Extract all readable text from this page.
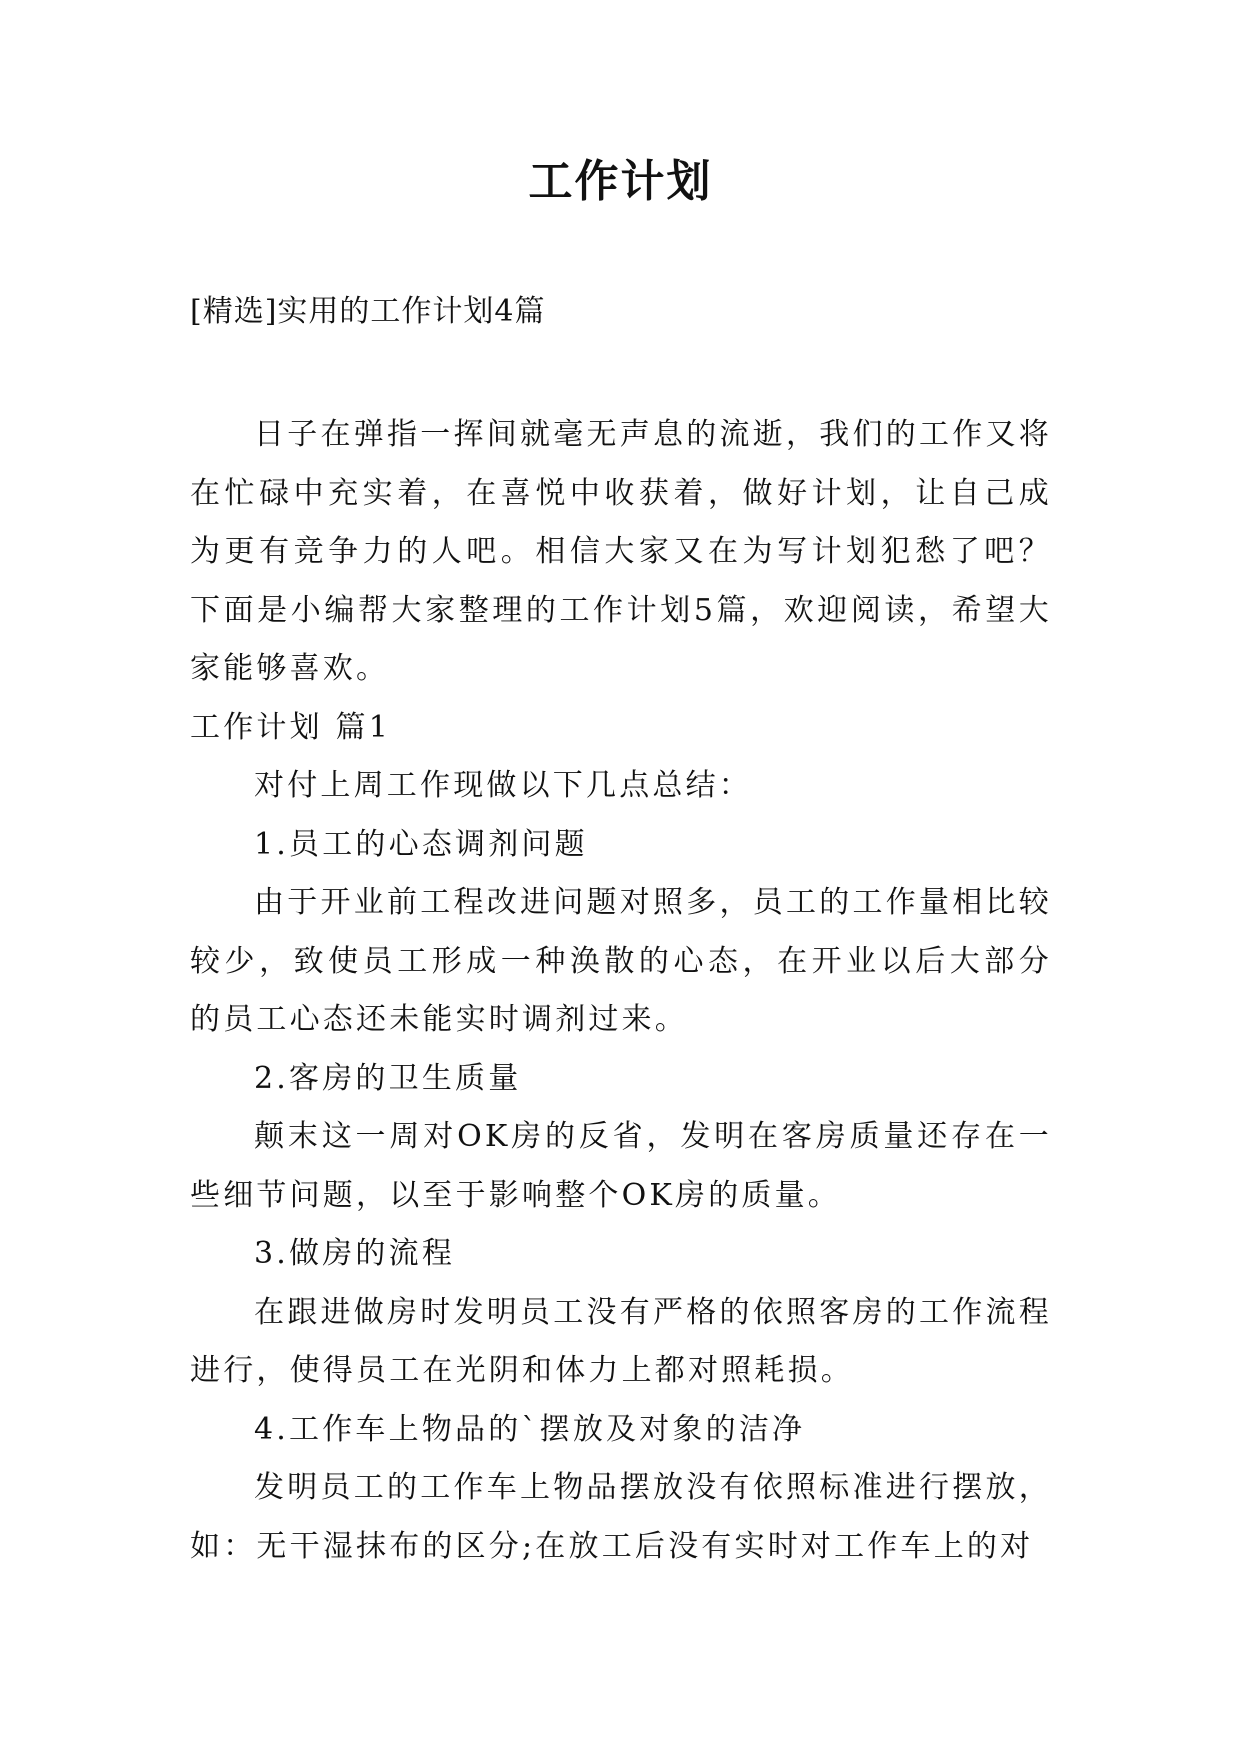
工作计划
[精选]实用的工作计划4篇

日子在弹指一挥间就毫无声息的流逝，我们的工作又将在忙碌中充实着，在喜悦中收获着，做好计划，让自己成为更有竞争力的人吧。相信大家又在为写计划犯愁了吧？下面是小编帮大家整理的工作计划5篇，欢迎阅读，希望大家能够喜欢。

工作计划 篇1

对付上周工作现做以下几点总结：

1.员工的心态调剂问题

由于开业前工程改进问题对照多，员工的工作量相比较较少，致使员工形成一种涣散的心态，在开业以后大部分的员工心态还未能实时调剂过来。

2.客房的卫生质量

颠末这一周对OK房的反省，发明在客房质量还存在一些细节问题，以至于影响整个OK房的质量。

3.做房的流程

在跟进做房时发明员工没有严格的依照客房的工作流程进行，使得员工在光阴和体力上都对照耗损。

4.工作车上物品的`摆放及对象的洁净

发明员工的工作车上物品摆放没有依照标准进行摆放，如：无干湿抹布的区分;在放工后没有实时对工作车上的对
